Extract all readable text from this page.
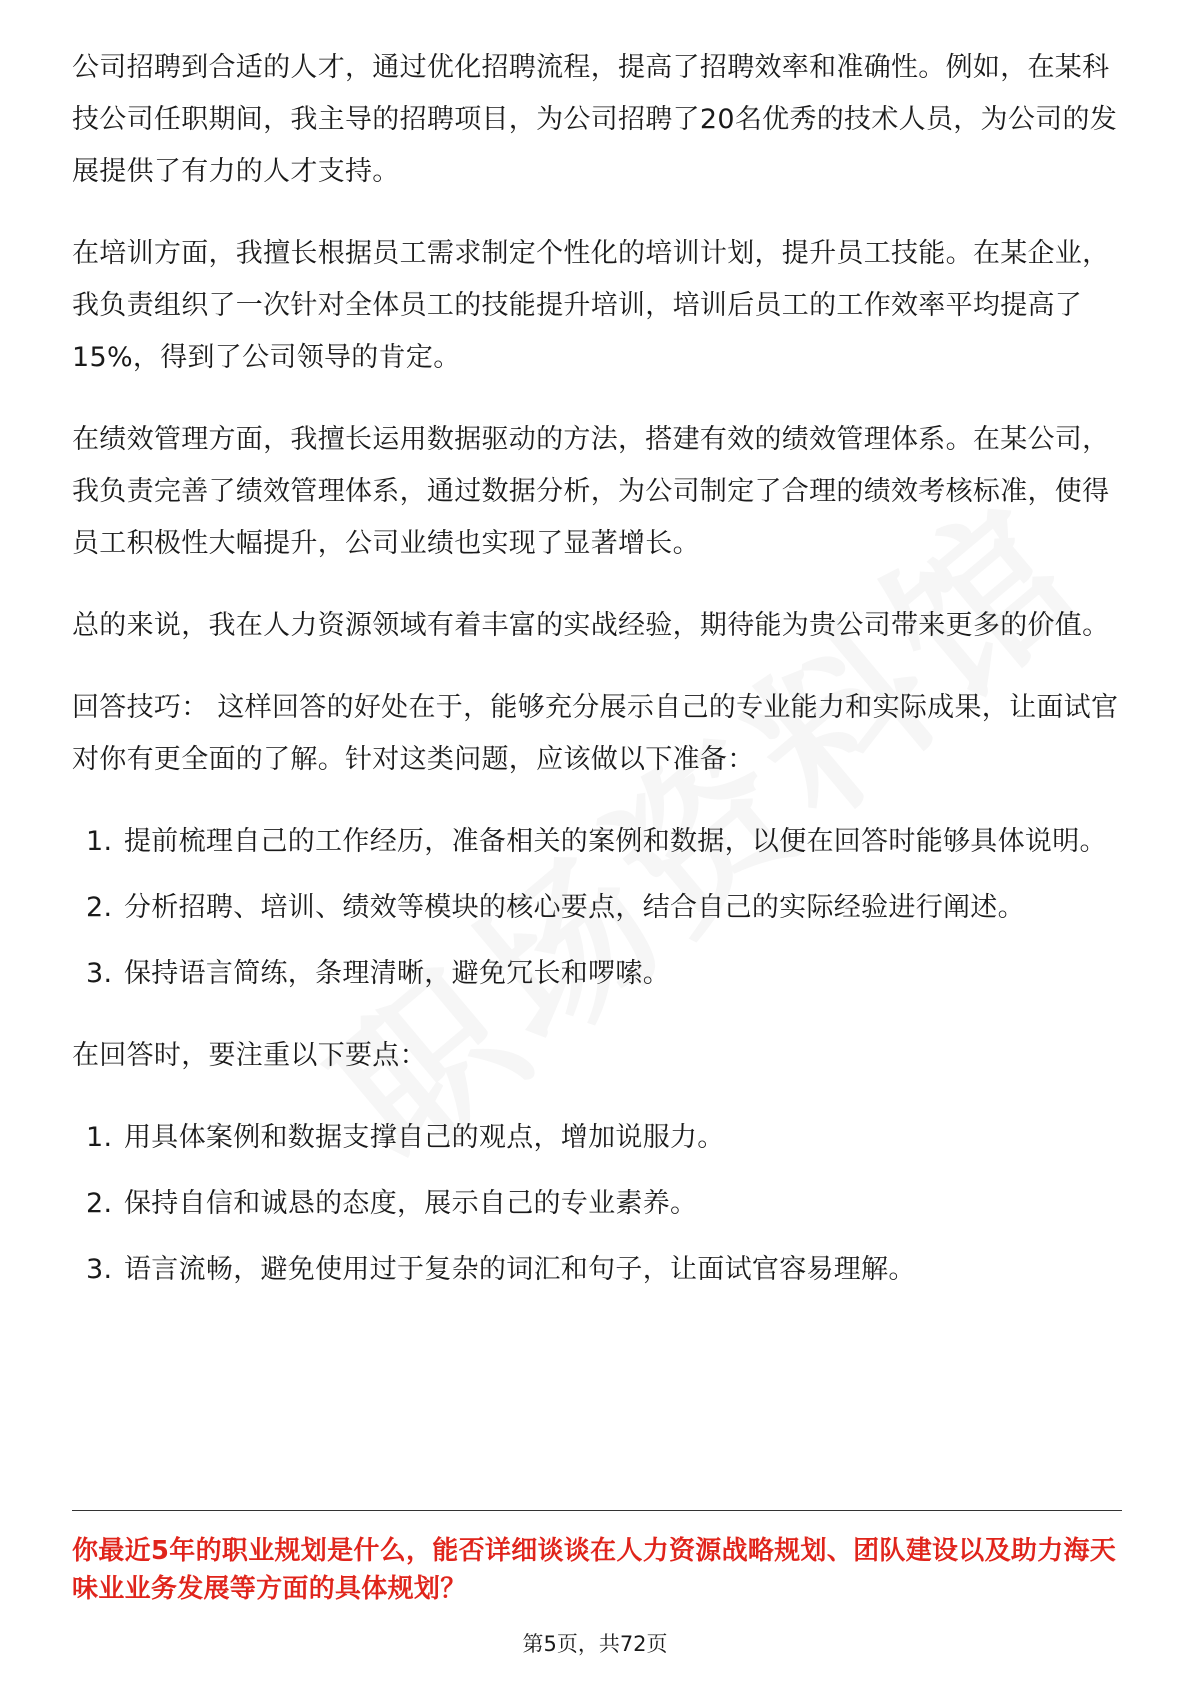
公司招聘到合适的人才，通过优化招聘流程，提高了招聘效率和准确性。例如，在某科技公司任职期间，我主导的招聘项目，为公司招聘了20名优秀的技术人员，为公司的发展提供了有力的人才支持。

在培训方面，我擅长根据员工需求制定个性化的培训计划，提升员工技能。在某企业，我负责组织了一次针对全体员工的技能提升培训，培训后员工的工作效率平均提高了15%，得到了公司领导的肯定。

在绩效管理方面，我擅长运用数据驱动的方法，搭建有效的绩效管理体系。在某公司，我负责完善了绩效管理体系，通过数据分析，为公司制定了合理的绩效考核标准，使得员工积极性大幅提升，公司业绩也实现了显著增长。

总的来说，我在人力资源领域有着丰富的实战经验，期待能为贵公司带来更多的价值。

回答技巧： 这样回答的好处在于，能够充分展示自己的专业能力和实际成果，让面试官对你有更全面的了解。针对这类问题，应该做以下准备：

1. 提前梳理自己的工作经历，准备相关的案例和数据，以便在回答时能够具体说明。
2. 分析招聘、培训、绩效等模块的核心要点，结合自己的实际经验进行阐述。
3. 保持语言简练，条理清晰，避免冗长和啰嗦。

在回答时，要注重以下要点：

1. 用具体案例和数据支撑自己的观点，增加说服力。
2. 保持自信和诚恳的态度，展示自己的专业素养。
3. 语言流畅，避免使用过于复杂的词汇和句子，让面试官容易理解。
你最近5年的职业规划是什么，能否详细谈谈在人力资源战略规划、团队建设以及助力海天味业业务发展等方面的具体规划？
第5页，共72页
